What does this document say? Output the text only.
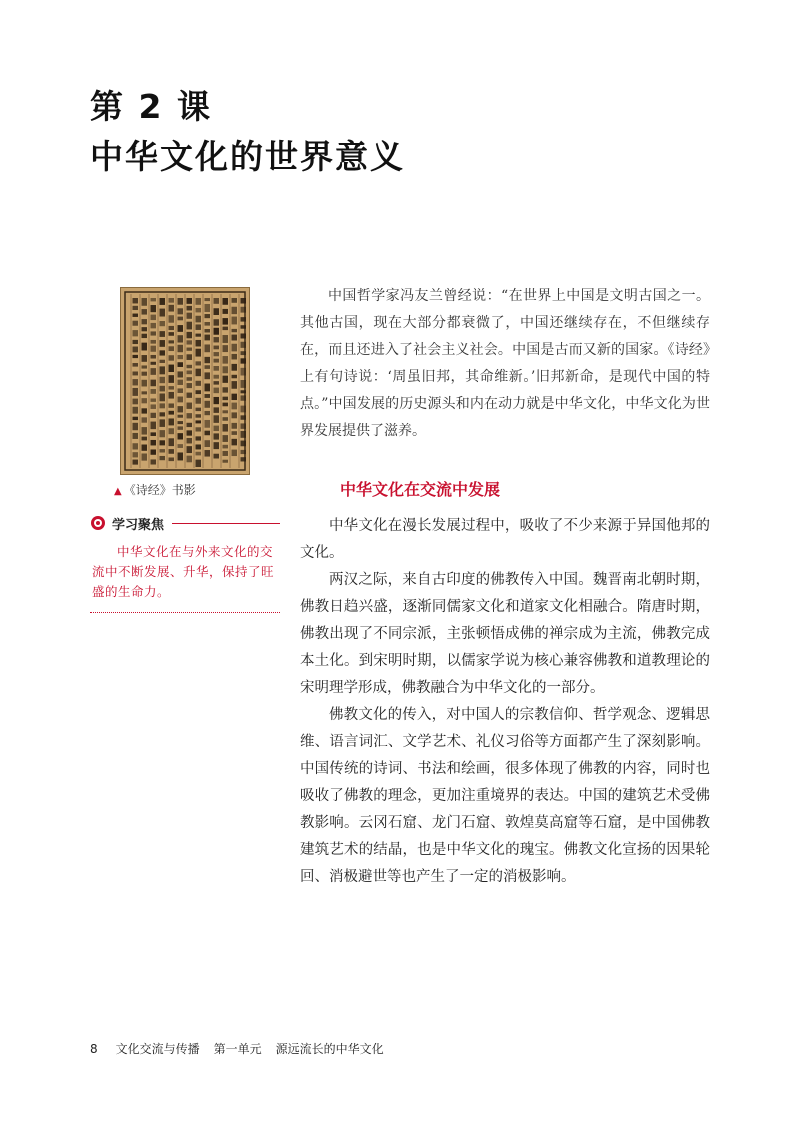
第 2 课
中华文化的世界意义
▲ 《诗经》书影
学习聚焦
中华文化在与外来文化的交流中不断发展、升华，保持了旺盛的生命力。

中国哲学家冯友兰曾经说：“在世界上中国是文明古国之一。其他古国，现在大部分都衰微了，中国还继续存在，不但继续存在，而且还进入了社会主义社会。中国是古而又新的国家。《诗经》上有句诗说：‘周虽旧邦，其命维新。’旧邦新命，是现代中国的特点。”中国发展的历史源头和内在动力就是中华文化，中华文化为世界发展提供了滋养。

中华文化在交流中发展

中华文化在漫长发展过程中，吸收了不少来源于异国他邦的文化。

两汉之际，来自古印度的佛教传入中国。魏晋南北朝时期，佛教日趋兴盛，逐渐同儒家文化和道家文化相融合。隋唐时期，佛教出现了不同宗派，主张顿悟成佛的禅宗成为主流，佛教完成本土化。到宋明时期，以儒家学说为核心兼容佛教和道教理论的宋明理学形成，佛教融合为中华文化的一部分。

佛教文化的传入，对中国人的宗教信仰、哲学观念、逻辑思维、语言词汇、文学艺术、礼仪习俗等方面都产生了深刻影响。中国传统的诗词、书法和绘画，很多体现了佛教的内容，同时也吸收了佛教的理念，更加注重境界的表达。中国的建筑艺术受佛教影响。云冈石窟、龙门石窟、敦煌莫高窟等石窟，是中国佛教建筑艺术的结晶，也是中华文化的瑰宝。佛教文化宣扬的因果轮回、消极避世等也产生了一定的消极影响。

8 文化交流与传播 第一单元 源远流长的中华文化
